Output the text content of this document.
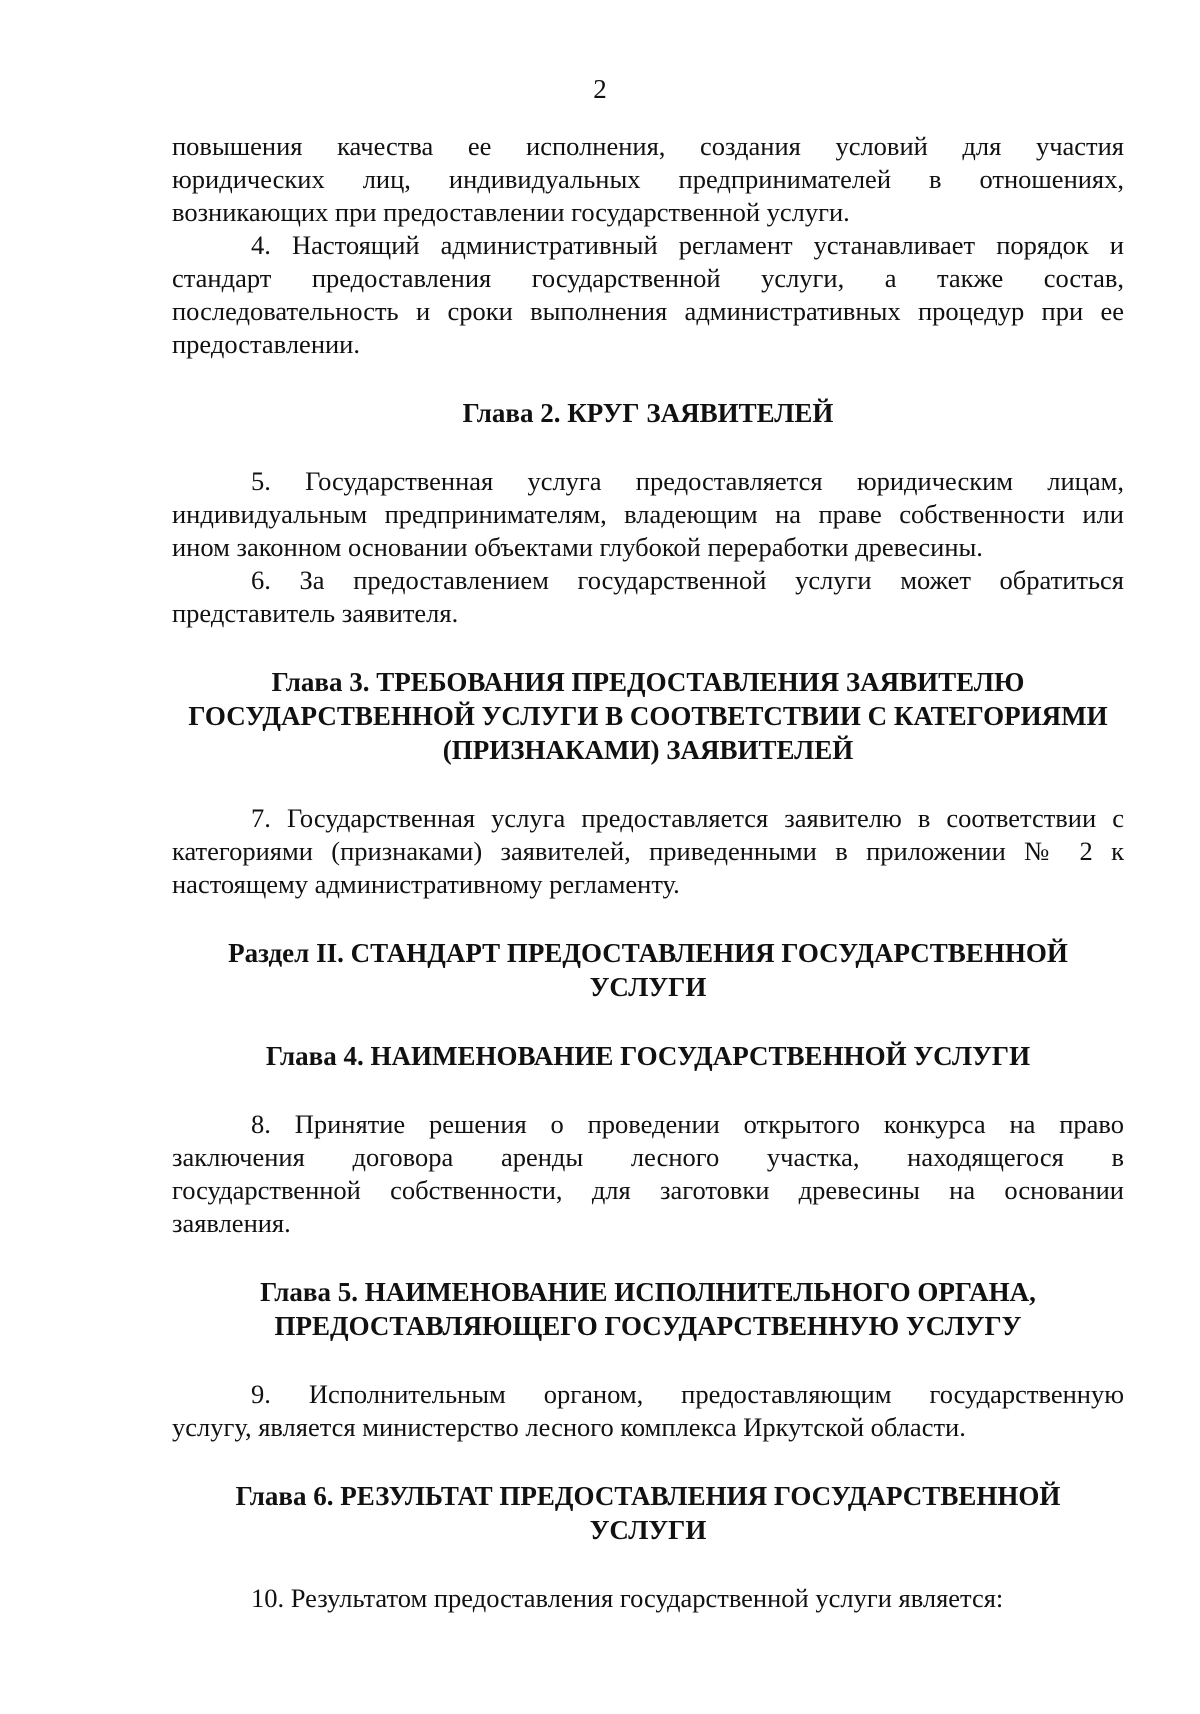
2

повышения качества ее исполнения, создания условий для участия
юридических лиц, индивидуальных предпринимателей в отношениях,
возникающих при предоставлении государственной услуги.

4. Настоящий административный регламент устанавливает порядок и
стандарт предоставления государственной услуги, а также состав,
последовательность и сроки выполнения административных процедур при ее
предоставлении.

Глава 2. КРУГ ЗАЯВИТЕЛЕЙ

5. Государственная услуга предоставляется юридическим лицам,
индивидуальным предпринимателям, владеющим на праве собственности или
ином законном основании объектами глубокой переработки древесины.

6. За предоставлением государственной услуги может обратиться
представитель заявителя.

Глава 3. ТРЕБОВАНИЯ ПРЕДОСТАВЛЕНИЯ ЗАЯВИТЕЛЮ
ГОСУДАРСТВЕННОЙ УСЛУГИ В СООТВЕТСТВИИ С КАТЕГОРИЯМИ
(ПРИЗНАКАМИ) ЗАЯВИТЕЛЕЙ

7. Государственная услуга предоставляется заявителю в соответствии с
категориями (признаками) заявителей, приведенными в приложении № 2 к
настоящему административному регламенту.

Раздел II. СТАНДАРТ ПРЕДОСТАВЛЕНИЯ ГОСУДАРСТВЕННОЙ
УСЛУГИ
Глава 4. НАИМЕНОВАНИЕ ГОСУДАРСТВЕННОЙ УСЛУГИ

8. Принятие решения о проведении открытого конкурса на право
заключения договора аренды лесного участка, находящегося в
государственной собственности, для заготовки древесины на основании
заявления.

Глава 5. НАИМЕНОВАНИЕ ИСПОЛНИТЕЛЬНОГО ОРГАНА,
ПРЕДОСТАВЛЯЮЩЕГО ГОСУДАРСТВЕННУЮ УСЛУГУ

9. Исполнительным органом, предоставляющим государственную
услугу, является министерство лесного комплекса Иркутской области.

Глава 6. РЕЗУЛЬТАТ ПРЕДОСТАВЛЕНИЯ ГОСУДАРСТВЕННОЙ
УСЛУГИ

10. Результатом предоставления государственной услуги является:
